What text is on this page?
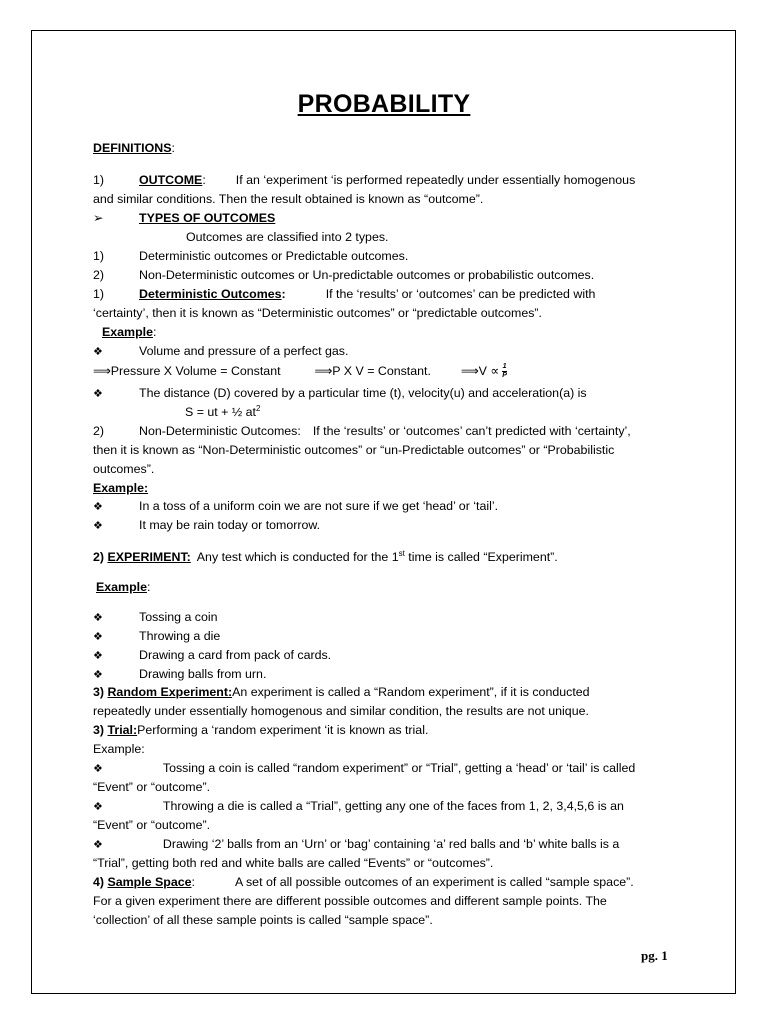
PROBABILITY
DEFINITIONS:
1)	OUTCOME: If an ‘experiment ‘is performed repeatedly under essentially homogenous
and similar conditions. Then the result obtained is known as “outcome”.
➢	TYPES OF OUTCOMES
Outcomes are classified into 2 types.
1)	Deterministic outcomes or Predictable outcomes.
2)	Non-Deterministic outcomes or Un-predictable outcomes or probabilistic outcomes.
1)	Deterministic Outcomes:	If the ‘results’ or ‘outcomes’ can be predicted with
‘certainty’, then it is known as “Deterministic outcomes” or “predictable outcomes”.
Example:
❖	Volume and pressure of a perfect gas.
⟹Pressure X Volume = Constant	⟹P X V = Constant. ⟹V ∝ $\frac{1}{P}$
❖	The distance (D) covered by a particular time (t), velocity(u) and acceleration(a) is
S = ut + ½ $at^2$
2)	Non-Deterministic Outcomes: If the ‘results’ or ‘outcomes’ can’t predicted with ‘certainty’,
then it is known as “Non-Deterministic outcomes” or “un-Predictable outcomes” or “Probabilistic
outcomes”.
Example:
❖	In a toss of a uniform coin we are not sure if we get ‘head’ or ‘tail’.
❖	It may be rain today or tomorrow.
2) EXPERIMENT: Any test which is conducted for the 1st time is called “Experiment”.
Example:
❖	Tossing a coin
❖	Throwing a die
❖	Drawing a card from pack of cards.
❖	Drawing balls from urn.
3) Random Experiment:An experiment is called a “Random experiment”, if it is conducted
repeatedly under essentially homogenous and similar condition, the results are not unique.
3) Trial:Performing a ‘random experiment ‘it is known as trial.
Example:
❖	Tossing a coin is called “random experiment” or “Trial”, getting a ‘head’ or ‘tail’ is called
“Event” or “outcome”.
❖	Throwing a die is called a “Trial”, getting any one of the faces from 1, 2, 3,4,5,6 is an
“Event” or “outcome”.
❖	Drawing ‘2’ balls from an ‘Urn’ or ‘bag’ containing ‘a’ red balls and ‘b’ white balls is a
“Trial”, getting both red and white balls are called “Events” or “outcomes”.
4) Sample Space:	A set of all possible outcomes of an experiment is called “sample space”.
For a given experiment there are different possible outcomes and different sample points. The
‘collection’ of all these sample points is called “sample space”.
pg. 1
